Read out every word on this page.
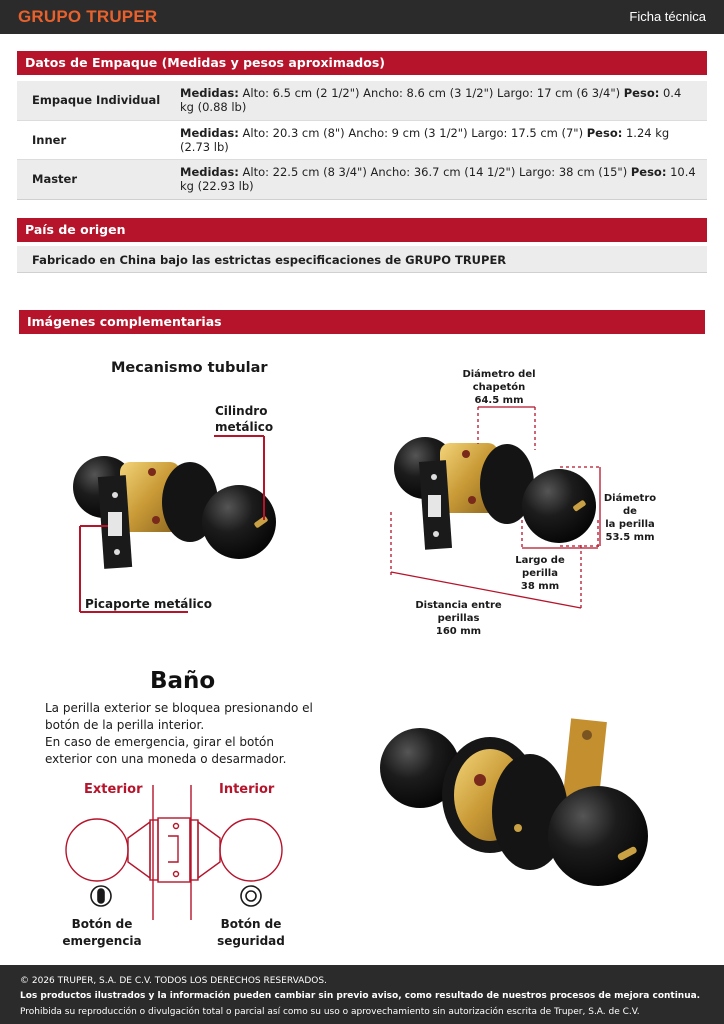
GRUPO TRUPER	Ficha técnica
Datos de Empaque (Medidas y pesos aproximados)
Empaque Individual	Medidas: Alto: 6.5 cm (2 1/2") Ancho: 8.6 cm (3 1/2") Largo: 17 cm (6 3/4") Peso: 0.4 kg (0.88 lb)
Inner	Medidas: Alto: 20.3 cm (8") Ancho: 9 cm (3 1/2") Largo: 17.5 cm (7") Peso: 1.24 kg (2.73 lb)
Master	Medidas: Alto: 22.5 cm (8 3/4") Ancho: 36.7 cm (14 1/2") Largo: 38 cm (15") Peso: 10.4 kg (22.93 lb)
País de origen
Fabricado en China bajo las estrictas especificaciones de GRUPO TRUPER
Imágenes complementarias
Mecanismo tubular
Cilindro
metálico
Picaporte metálico
Diámetro del
chapetón
64.5 mm
Diámetro de
la perilla
53.5 mm
Largo de
perilla
38 mm
Distancia entre perillas
160 mm
Baño
La perilla exterior se bloquea presionando el botón de la perilla interior.
En caso de emergencia, girar el botón exterior con una moneda o desarmador.
Exterior	Interior
Botón de
emergencia
Botón de
seguridad
© 2026 TRUPER, S.A. DE C.V. TODOS LOS DERECHOS RESERVADOS.
Los productos ilustrados y la información pueden cambiar sin previo aviso, como resultado de nuestros procesos de mejora continua.
Prohibida su reproducción o divulgación total o parcial así como su uso o aprovechamiento sin autorización escrita de Truper, S.A. de C.V.
